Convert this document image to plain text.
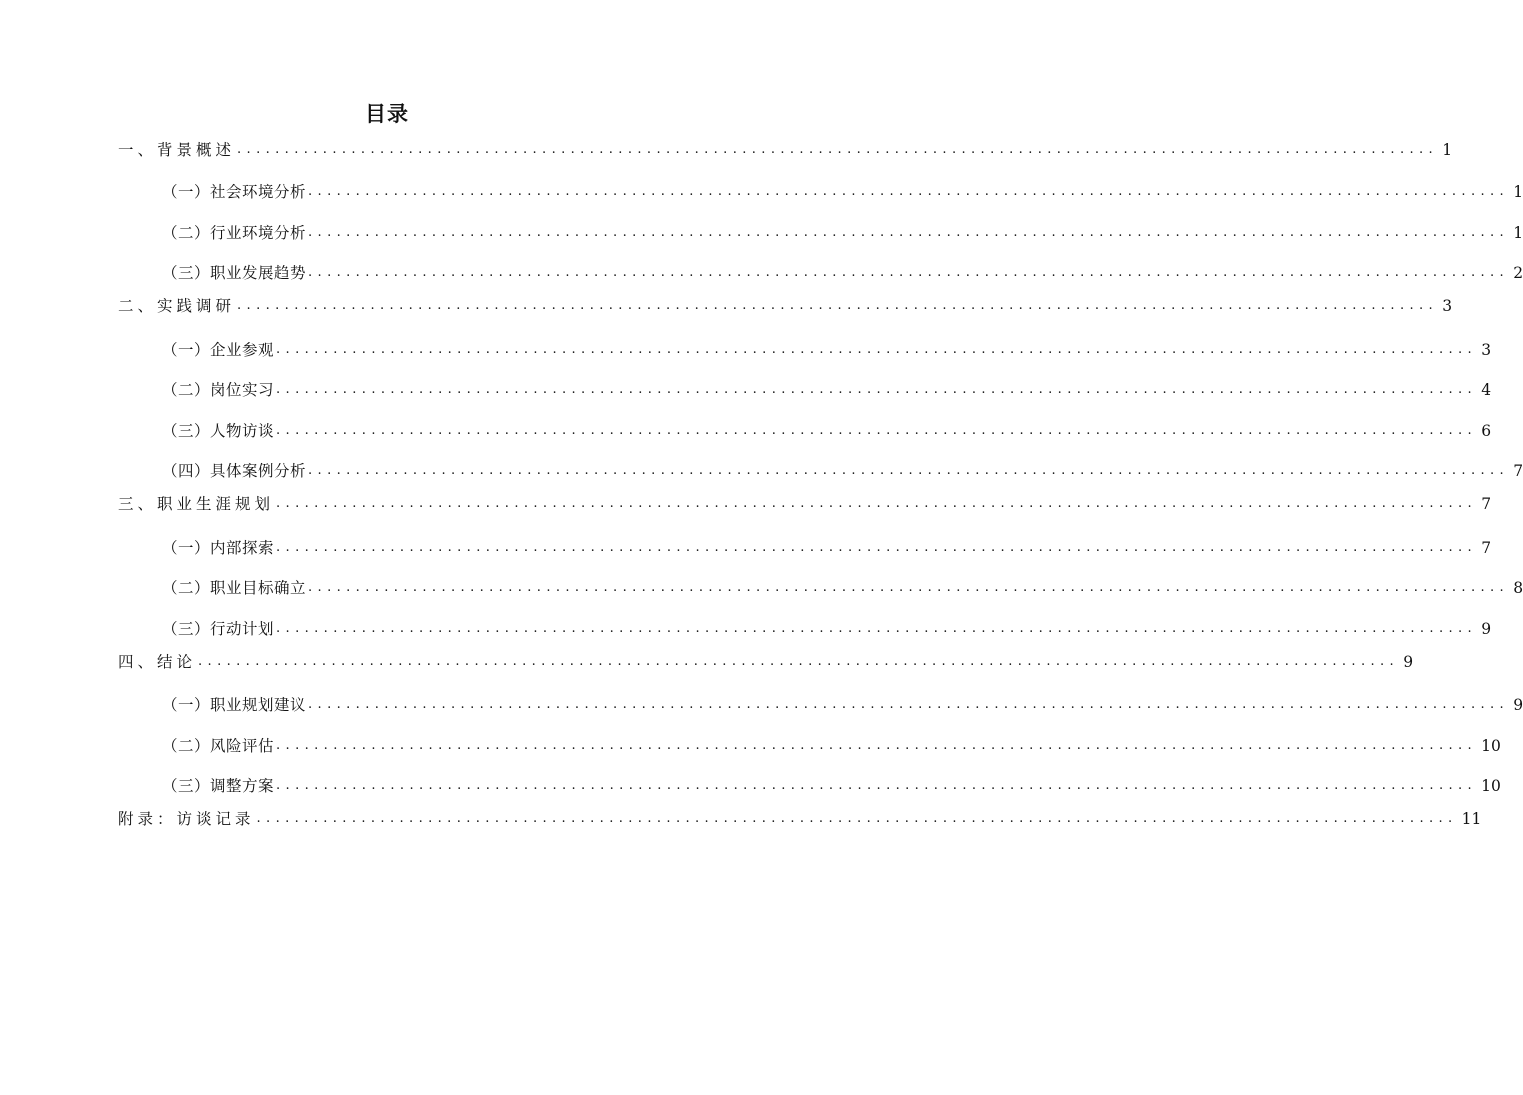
目录
一、背景概述 .............................................................................................................................. 1
（一）社会环境分析 .............................................................................................................................. 1
（二）行业环境分析 .............................................................................................................................. 1
（三）职业发展趋势 .............................................................................................................................. 2
二、实践调研 .............................................................................................................................. 3
（一）企业参观 .............................................................................................................................. 3
（二）岗位实习 .............................................................................................................................. 4
（三）人物访谈 .............................................................................................................................. 6
（四）具体案例分析 .............................................................................................................................. 7
三、职业生涯规划 .............................................................................................................................. 7
（一）内部探索 .............................................................................................................................. 7
（二）职业目标确立 .............................................................................................................................. 8
（三）行动计划 .............................................................................................................................. 9
四、结论 .............................................................................................................................. 9
（一）职业规划建议 .............................................................................................................................. 9
（二）风险评估 .............................................................................................................................. 10
（三）调整方案 .............................................................................................................................. 10
附录：访谈记录 .............................................................................................................................. 11
